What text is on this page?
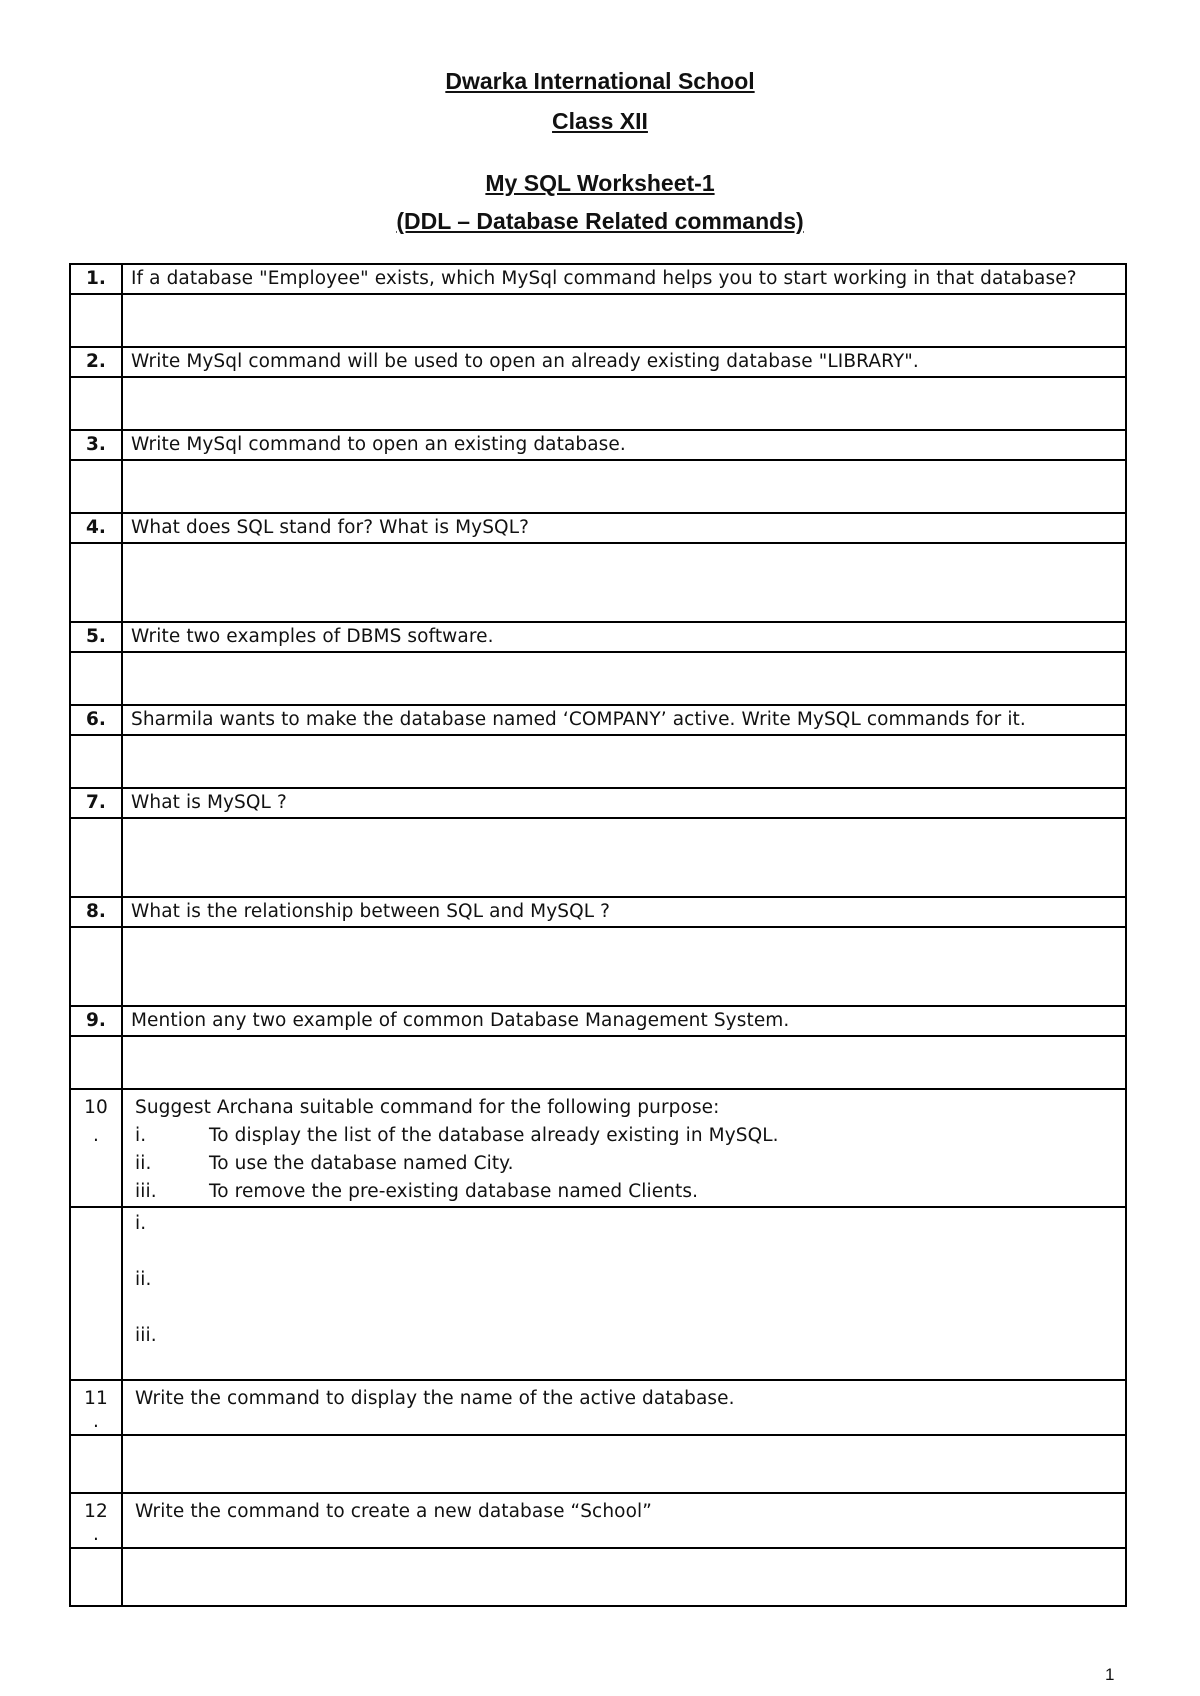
Dwarka International School
Class XII
My SQL Worksheet-1
(DDL – Database Related commands)
1.	If a database "Employee" exists, which MySql command helps you to start working in that database?

2.	Write MySql command will be used to open an already existing database "LIBRARY".

3.	Write MySql command to open an existing database.

4.	What does SQL stand for? What is MySQL?

5.	Write two examples of DBMS software.

6.	Sharmila wants to make the database named ‘COMPANY’ active. Write MySQL commands for it.

7.	What is MySQL ?

8.	What is the relationship between SQL and MySQL ?

9.	Mention any two example of common Database Management System.

10
.	Suggest Archana suitable command for the following purpose:
i. To display the list of the database already existing in MySQL.
ii. To use the database named City.
iii. To remove the pre-existing database named Clients.

	i.
ii.
iii.

11
.	Write the command to display the name of the active database.

12
.	Write the command to create a new database “School”

1
